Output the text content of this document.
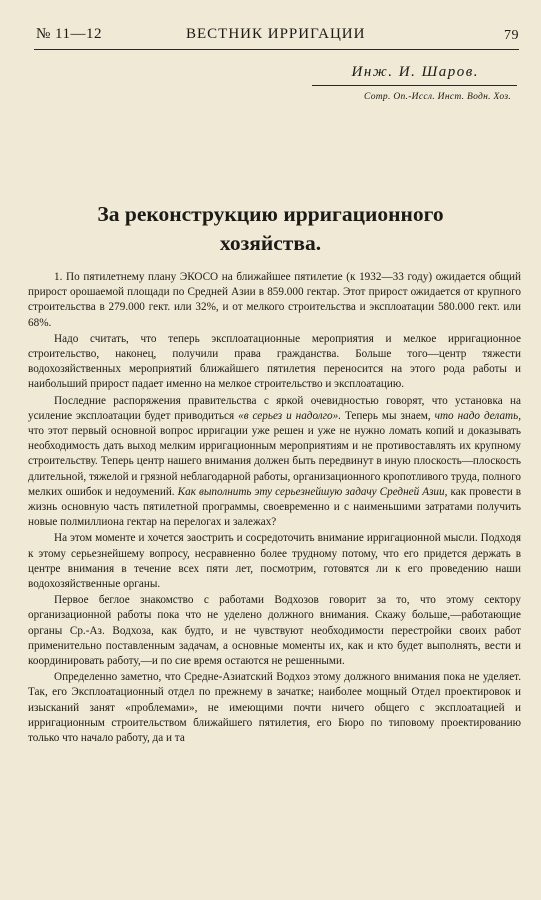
№ 11—12	ВЕСТНИК ИРРИГАЦИИ	79
Инж. И. Шаров.
Сотр. Оп.-Иссл. Инст. Водн. Хоз.
За реконструкцию ирригационного
хозяйства.

1. По пятилетнему плану ЭКОСО на ближайшее пятилетие (к 1932—33 году) ожидается общий прирост орошаемой площади по Средней Азии в 859.000 гектар. Этот прирост ожидается от крупного строительства в 279.000 гект. или 32%, и от мелкого строительства и эксплоатации 580.000 гект. или 68%.

Надо считать, что теперь эксплоатационные мероприятия и мелкое ирригационное строительство, наконец, получили права гражданства. Больше того—центр тяжести водохозяйственных мероприятий ближайшего пятилетия переносится на этого рода работы и наибольший прирост падает именно на мелкое строительство и эксплоатацию.

Последние распоряжения правительства с яркой очевидностью говорят, что установка на усиление эксплоатации будет приводиться «в серьез и надолго». Теперь мы знаем, что надо делать, что этот первый основной вопрос ирригации уже решен и уже не нужно ломать копий и доказывать необходимость дать выход мелким ирригационным мероприятиям и не противоставлять их крупному строительству. Теперь центр нашего внимания должен быть передвинут в иную плоскость—плоскость длительной, тяжелой и грязной неблагодарной работы, организационного кропотливого труда, полного мелких ошибок и недоумений. Как выполнить эту серьезнейшую задачу Средней Азии, как провести в жизнь основную часть пятилетной программы, своевременно и с наименьшими затратами получить новые полмиллиона гектар на перелогах и залежах?

На этом моменте и хочется заострить и сосредоточить внимание ирригационной мысли. Подходя к этому серьезнейшему вопросу, несравненно более трудному потому, что его придется держать в центре внимания в течение всех пяти лет, посмотрим, готовятся ли к его проведению наши водохозяйственные органы.

Первое беглое знакомство с работами Водхозов говорит за то, что этому сектору организационной работы пока что не уделено должного внимания. Скажу больше,—работающие органы Ср.-Аз. Водхоза, как будто, и не чувствуют необходимости перестройки своих работ применительно поставленным задачам, а основные моменты их, как и кто будет выполнять, вести и координировать работу,—и по сие время остаются не решенными.

Определенно заметно, что Средне-Азиатский Водхоз этому должного внимания пока не уделяет. Так, его Эксплоатационный отдел по прежнему в зачатке; наиболее мощный Отдел проектировок и изысканий занят «проблемами», не имеющими почти ничего общего с эксплоатацией и ирригационным строительством ближайшего пятилетия, его Бюро по типовому проектированию только что начало работу, да и та
